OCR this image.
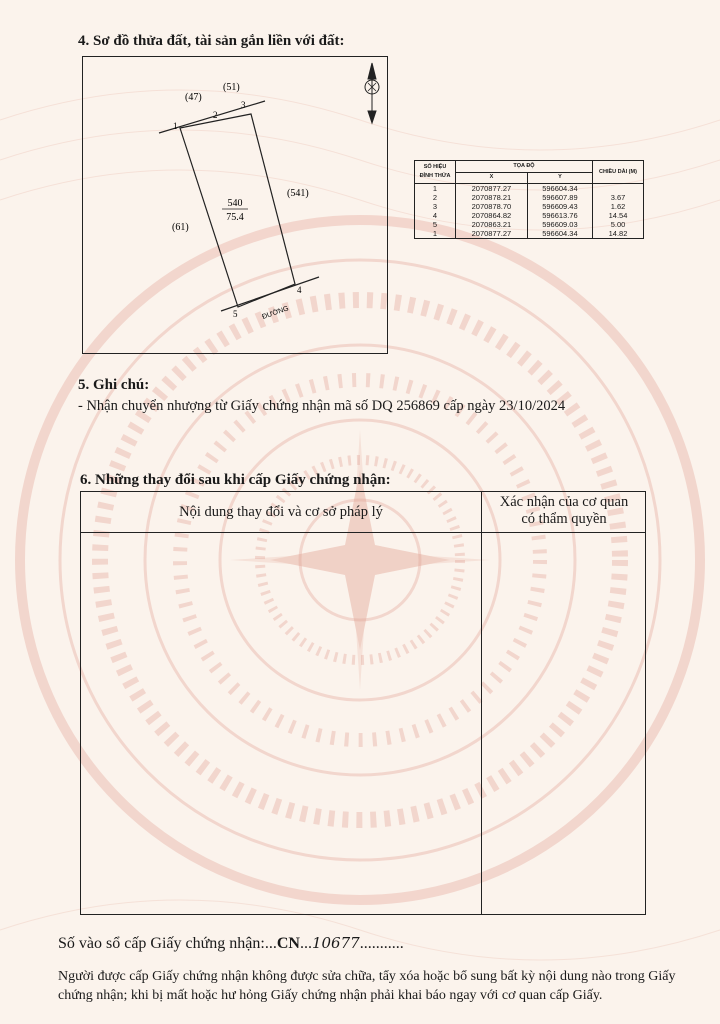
4. Sơ đồ thửa đất, tài sản gắn liền với đất:
540
75.4
(47)
(51)
(541)
(61)
ĐƯỜNG
1
2
3
4
5
SỐ HIỆU ĐỈNH THỬA	TỌA ĐỘ		CHIỀU DÀI (M)
	X	Y	
1	2070877.27	596604.34	
2	2070878.21	596607.89	3.67
3	2070878.70	596609.43	1.62
4	2070864.82	596613.76	14.54
5	2070863.21	596609.03	5.00
1	2070877.27	596604.34	14.82
5. Ghi chú:
- Nhận chuyển nhượng từ Giấy chứng nhận mã số DQ 256869 cấp ngày 23/10/2024
6. Những thay đổi sau khi cấp Giấy chứng nhận:
Nội dung thay đổi và cơ sở pháp lý
Xác nhận của cơ quan
có thẩm quyền
Số vào sổ cấp Giấy chứng nhận:...CN...10677...........
Người được cấp Giấy chứng nhận không được sửa chữa, tẩy xóa hoặc bổ sung bất kỳ nội dung nào trong Giấy chứng nhận; khi bị mất hoặc hư hỏng Giấy chứng nhận phải khai báo ngay với cơ quan cấp Giấy.
